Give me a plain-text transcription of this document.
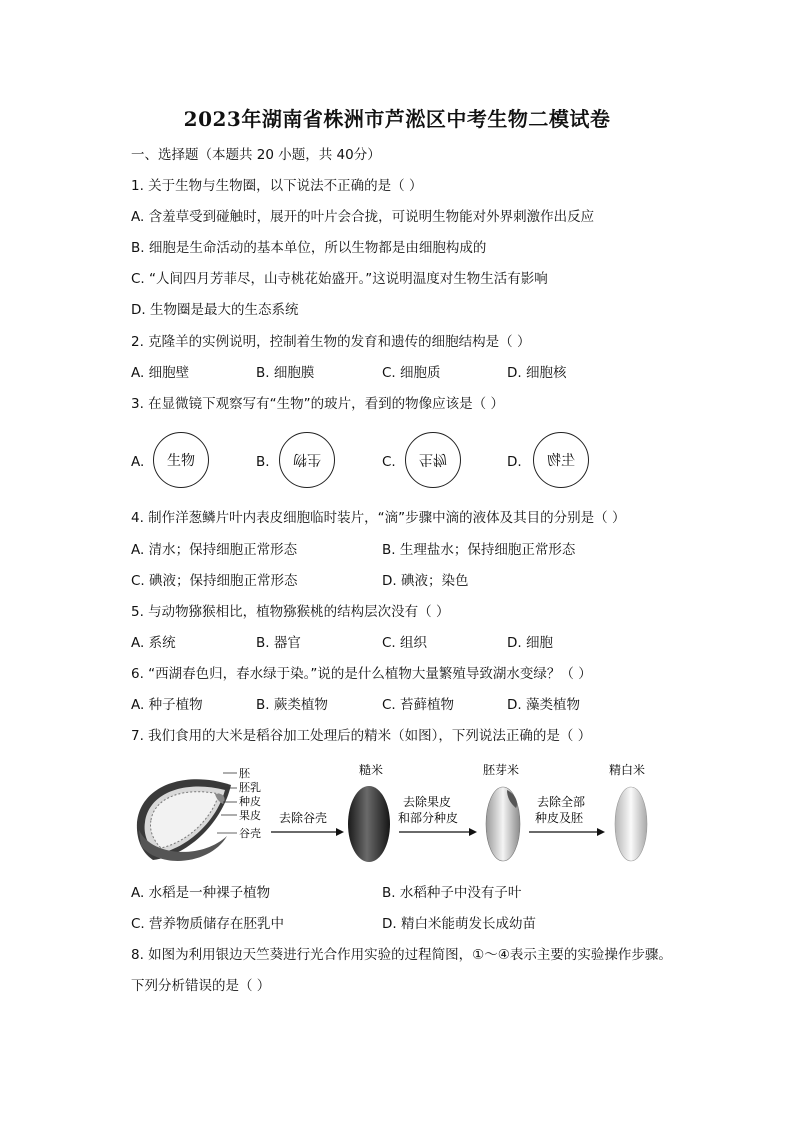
2023年湖南省株洲市芦淞区中考生物二模试卷
一、选择题（本题共 20 小题，共 40分）
1. 关于生物与生物圈，以下说法不正确的是（ ）
A. 含羞草受到碰触时，展开的叶片会合拢，可说明生物能对外界刺激作出反应
B. 细胞是生命活动的基本单位，所以生物都是由细胞构成的
C. “人间四月芳菲尽，山寺桃花始盛开。”这说明温度对生物生活有影响
D. 生物圈是最大的生态系统
2. 克隆羊的实例说明，控制着生物的发育和遗传的细胞结构是（ ）
A. 细胞壁	B. 细胞膜	C. 细胞质	D. 细胞核
3. 在显微镜下观察写有“生物”的玻片，看到的物像应该是（ ）
A. 生物	B. 生物	C. 生物	D. 生物
4. 制作洋葱鳞片叶内表皮细胞临时装片，“滴”步骤中滴的液体及其目的分别是（ ）
A. 清水；保持细胞正常形态	B. 生理盐水；保持细胞正常形态
C. 碘液；保持细胞正常形态	D. 碘液；染色
5. 与动物猕猴相比，植物猕猴桃的结构层次没有（ ）
A. 系统	B. 器官	C. 组织	D. 细胞
6. “西湖春色归，春水绿于染。”说的是什么植物大量繁殖导致湖水变绿？（ ）
A. 种子植物	B. 蕨类植物	C. 苔藓植物	D. 藻类植物
7. 我们食用的大米是稻谷加工处理后的精米（如图），下列说法正确的是（ ）
胚
胚乳
种皮
果皮
谷壳
去除谷壳
糙米
去除果皮
和部分种皮
胚芽米
去除全部
种皮及胚
精白米
A. 水稻是一种裸子植物	B. 水稻种子中没有子叶
C. 营养物质储存在胚乳中	D. 精白米能萌发长成幼苗
8. 如图为利用银边天竺葵进行光合作用实验的过程简图，①～④表示主要的实验操作步骤。
下列分析错误的是（ ）
